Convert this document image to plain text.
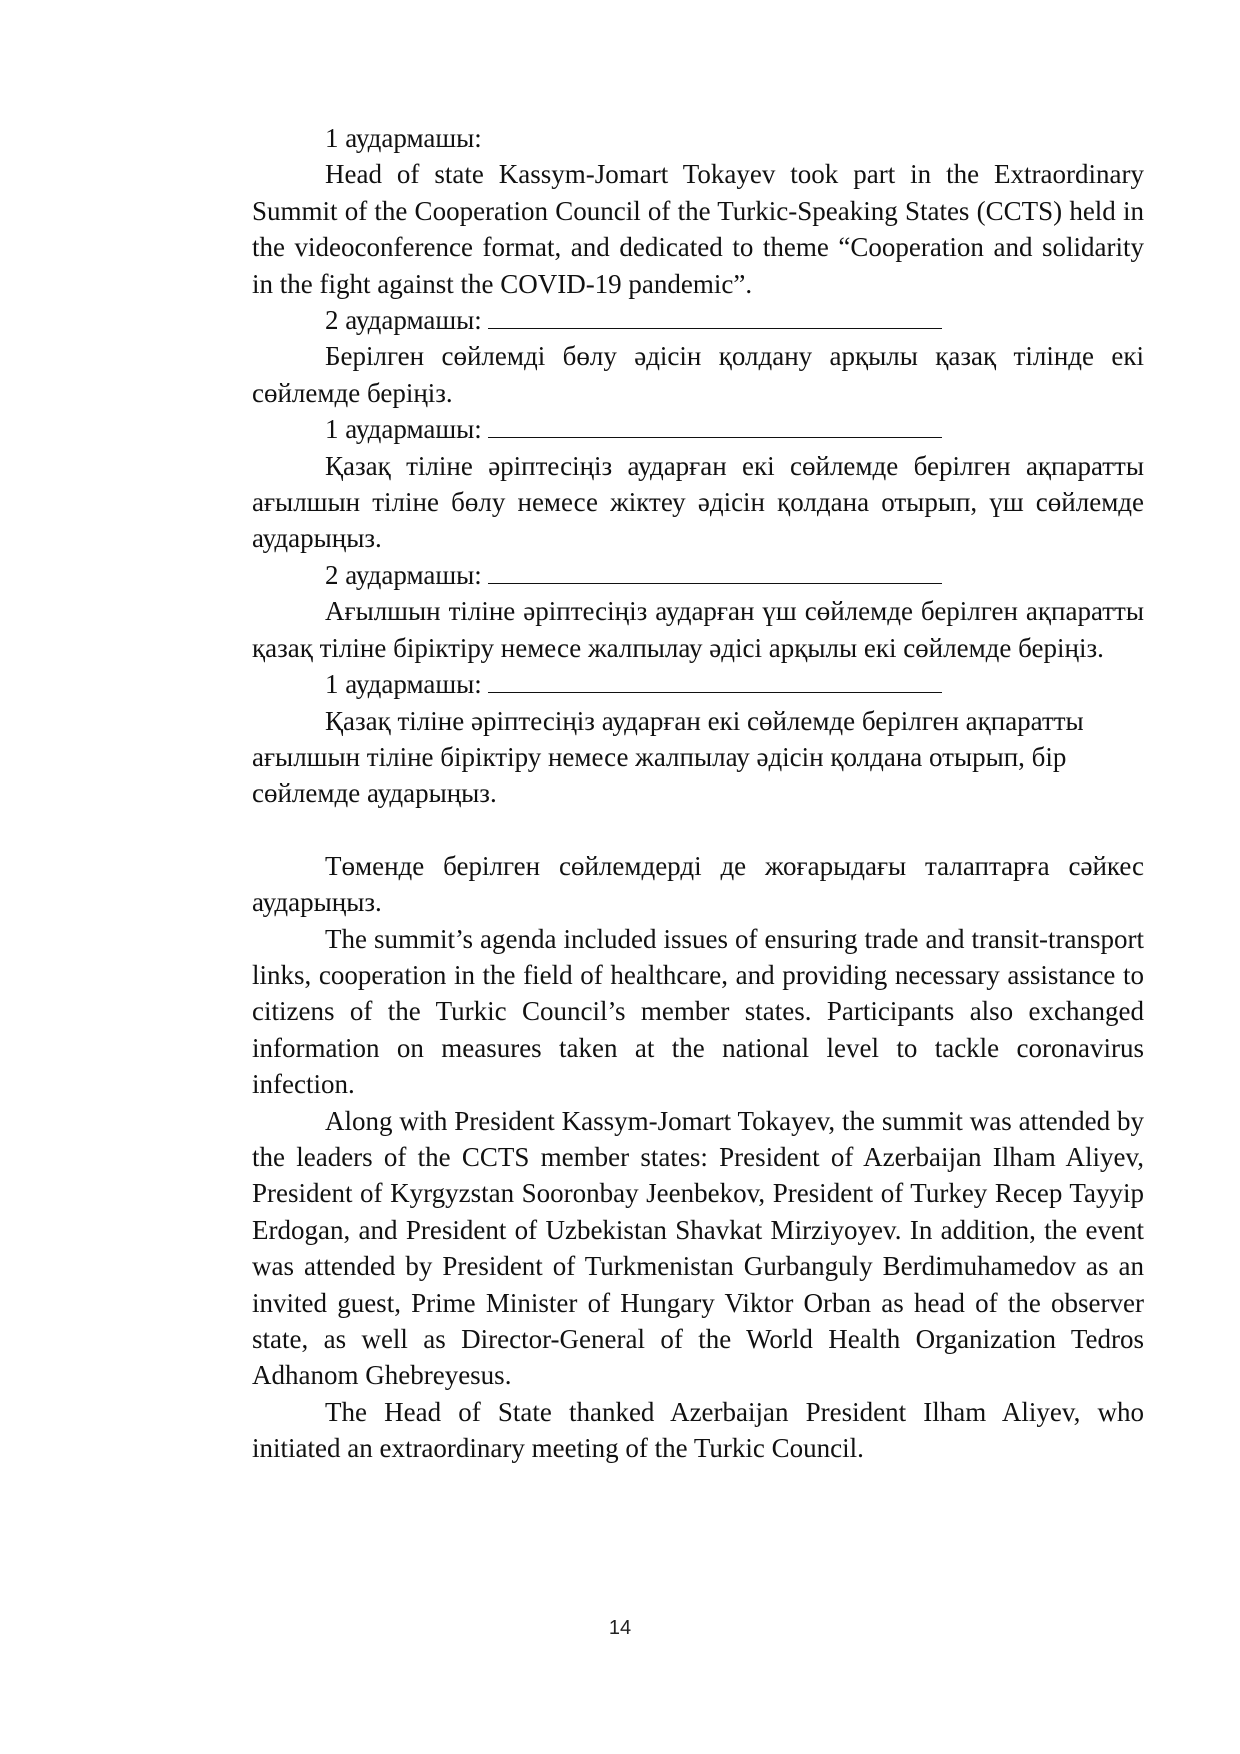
1 аудармашы:

Head of state Kassym-Jomart Tokayev took part in the Extraordinary Summit of the Cooperation Council of the Turkic-Speaking States (CCTS) held in the videoconference format, and dedicated to theme “Cooperation and solidarity in the fight against the COVID-19 pandemic”.

2 аудармашы:

Берілген сөйлемді бөлу әдісін қолдану арқылы қазақ тілінде екі сөйлемде беріңіз.

1 аудармашы:

Қазақ тіліне әріптесіңіз аударған екі сөйлемде берілген ақпаратты ағылшын тіліне бөлу немесе жіктеу әдісін қолдана отырып, үш сөйлемде аударыңыз.

2 аудармашы:

Ағылшын тіліне әріптесіңіз аударған үш сөйлемде берілген ақпаратты қазақ тіліне біріктіру немесе жалпылау әдісі арқылы екі сөйлемде беріңіз.

1 аудармашы:

Қазақ тіліне әріптесіңіз аударған екі сөйлемде берілген ақпаратты ағылшын тіліне біріктіру немесе жалпылау әдісін қолдана отырып, бір сөйлемде аударыңыз.

Төменде берілген сөйлемдерді де жоғарыдағы талаптарға сәйкес аударыңыз.

The summit’s agenda included issues of ensuring trade and transit-transport links, cooperation in the field of healthcare, and providing necessary assistance to citizens of the Turkic Council’s member states. Participants also exchanged information on measures taken at the national level to tackle coronavirus infection.

Along with President Kassym-Jomart Tokayev, the summit was attended by the leaders of the CCTS member states: President of Azerbaijan Ilham Aliyev, President of Kyrgyzstan Sooronbay Jeenbekov, President of Turkey Recep Tayyip Erdogan, and President of Uzbekistan Shavkat Mirziyoyev. In addition, the event was attended by President of Turkmenistan Gurbanguly Berdimuhamedov as an invited guest, Prime Minister of Hungary Viktor Orban as head of the observer state, as well as Director-General of the World Health Organization Tedros Adhanom Ghebreyesus.

The Head of State thanked Azerbaijan President Ilham Aliyev, who initiated an extraordinary meeting of the Turkic Council.

14
